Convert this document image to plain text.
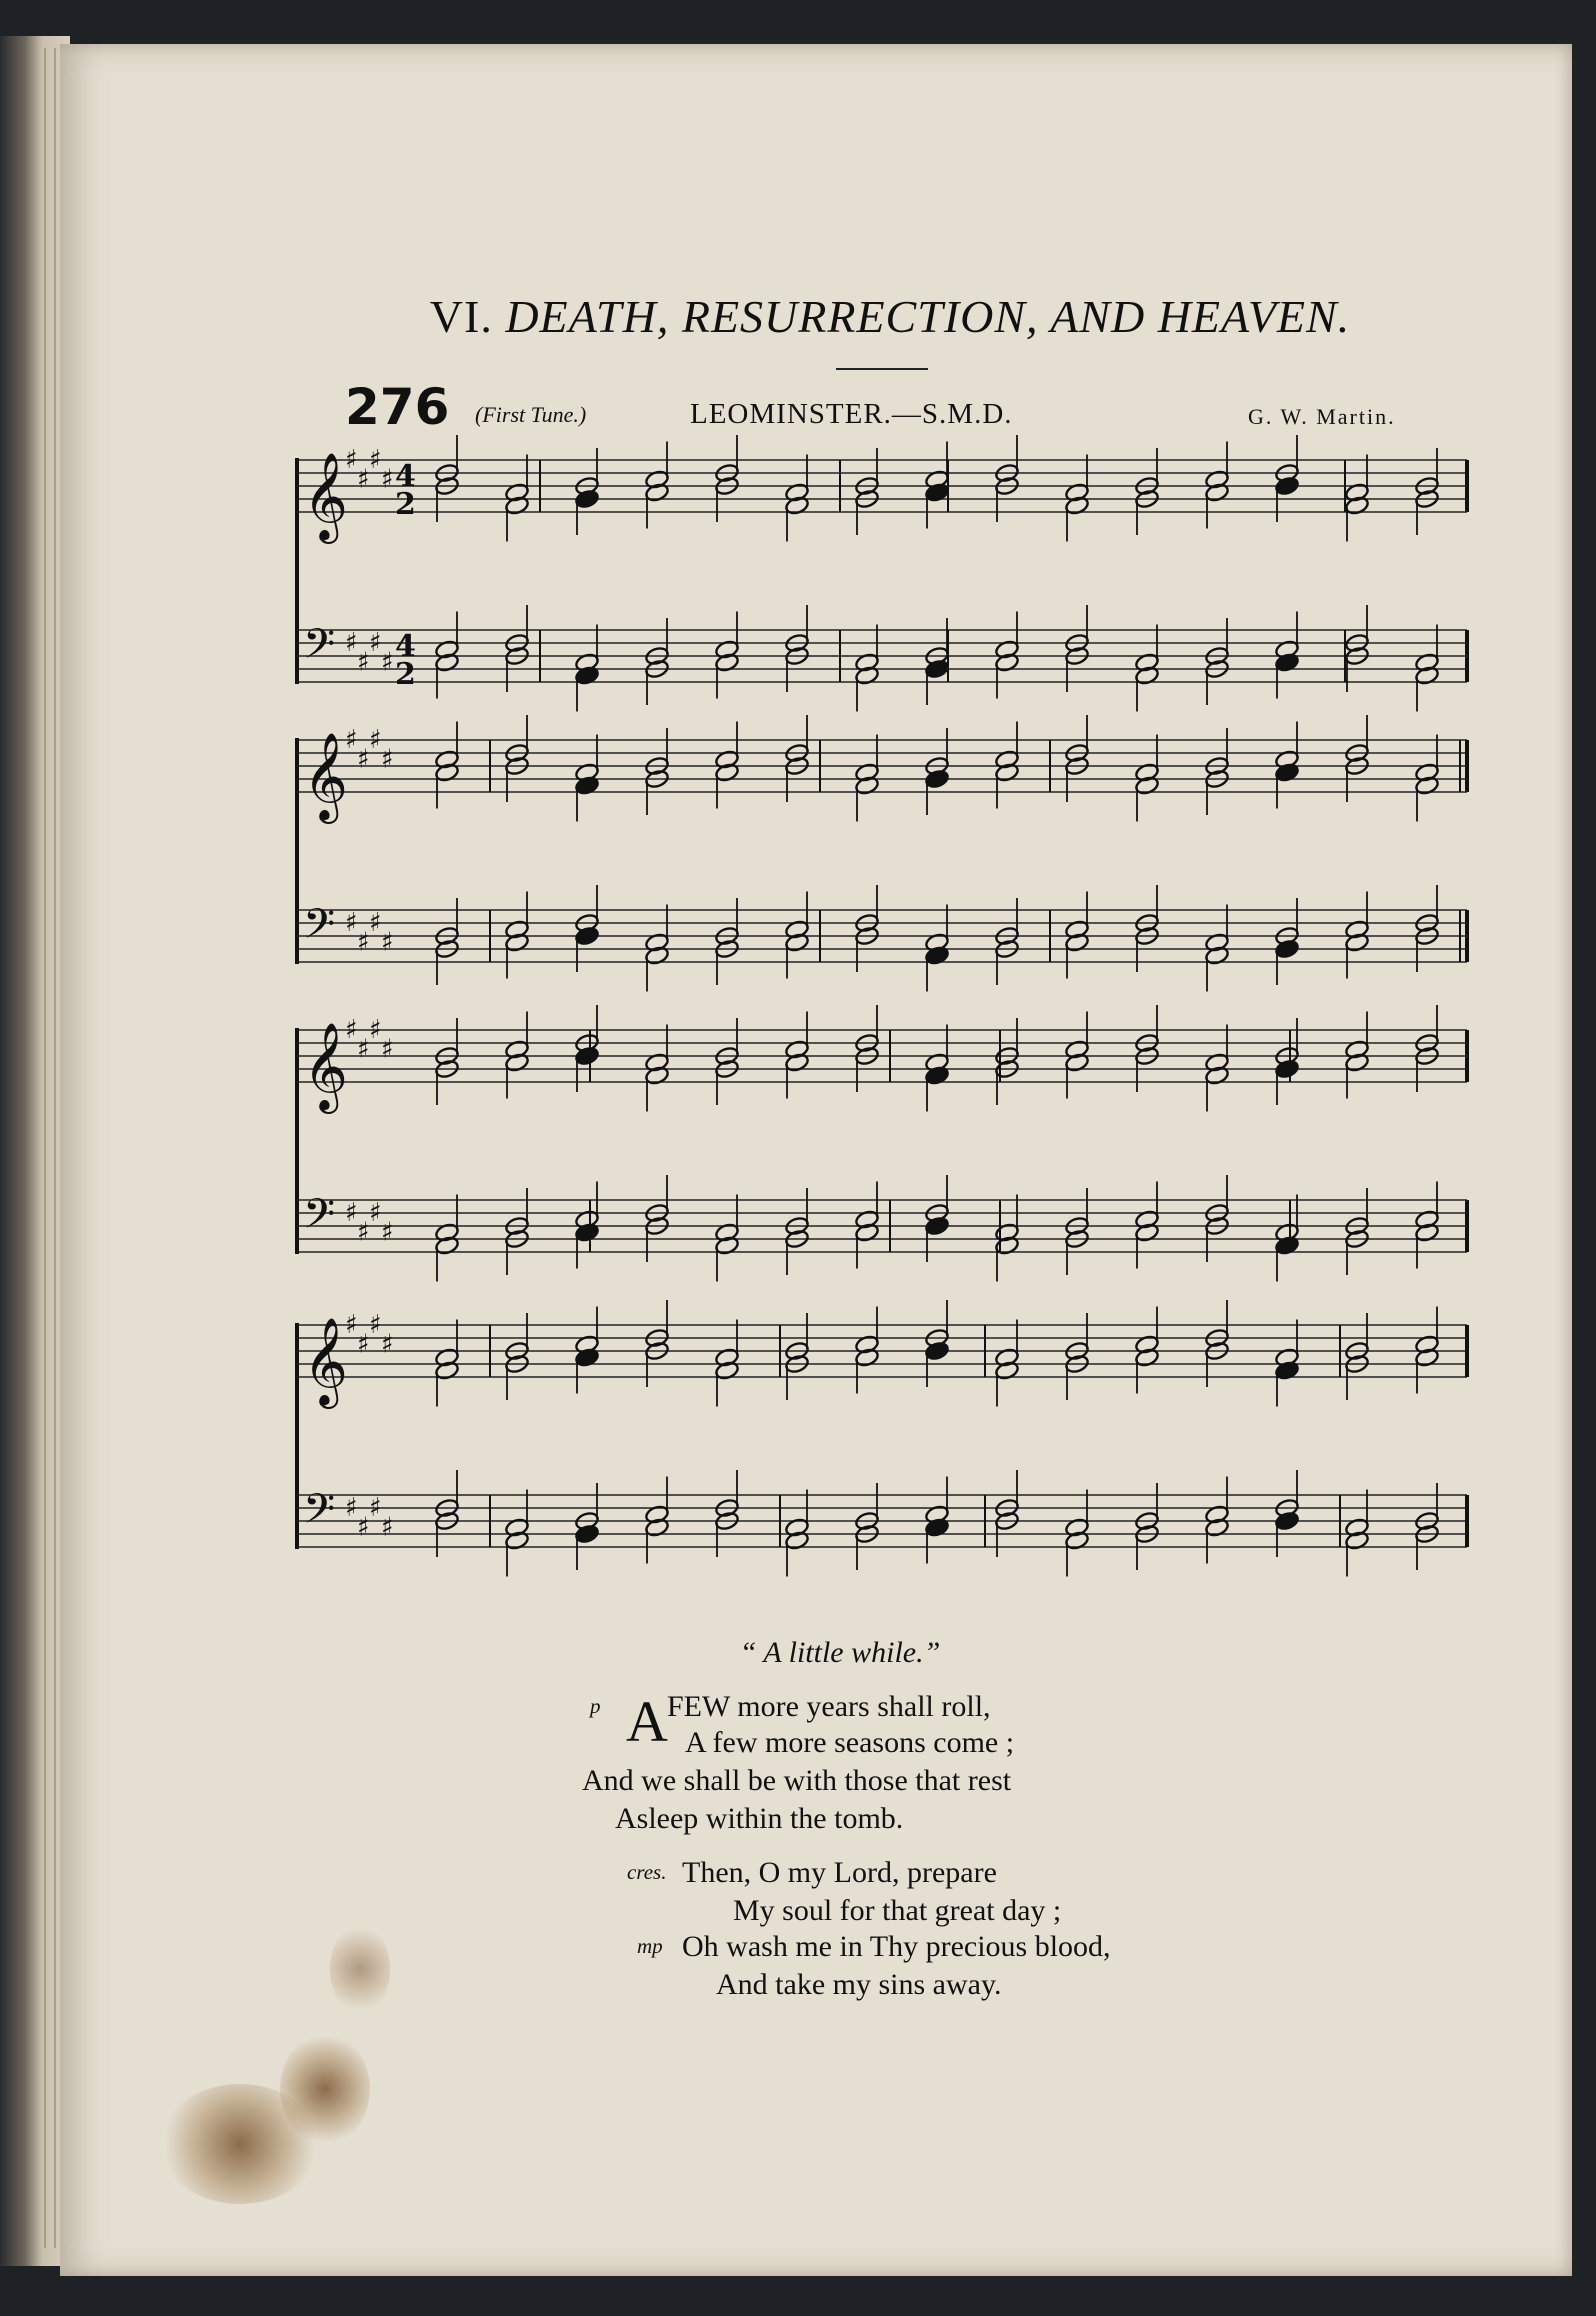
VI. DEATH, RESURRECTION, AND HEAVEN.
276 (First Tune.)	LEOMINSTER.—S.M.D.	G. W. Martin.
𝄞
♯
♯
♯
♯ 4
2
𝄢 ♯
♯
♯
♯ 4
2
𝄞
♯
♯
♯
♯
𝄢 ♯
♯
♯
♯
𝄞
♯
♯
♯
♯
𝄢 ♯
♯
♯
♯
𝄞
♯
♯
♯
♯
𝄢 ♯
♯
♯
♯
“ A little while.”
p A FEW more years shall roll,
A few more seasons come ;
And we shall be with those that rest
Asleep within the tomb.
cres. Then, O my Lord, prepare
My soul for that great day ;
mp Oh wash me in Thy precious blood,
And take my sins away.
